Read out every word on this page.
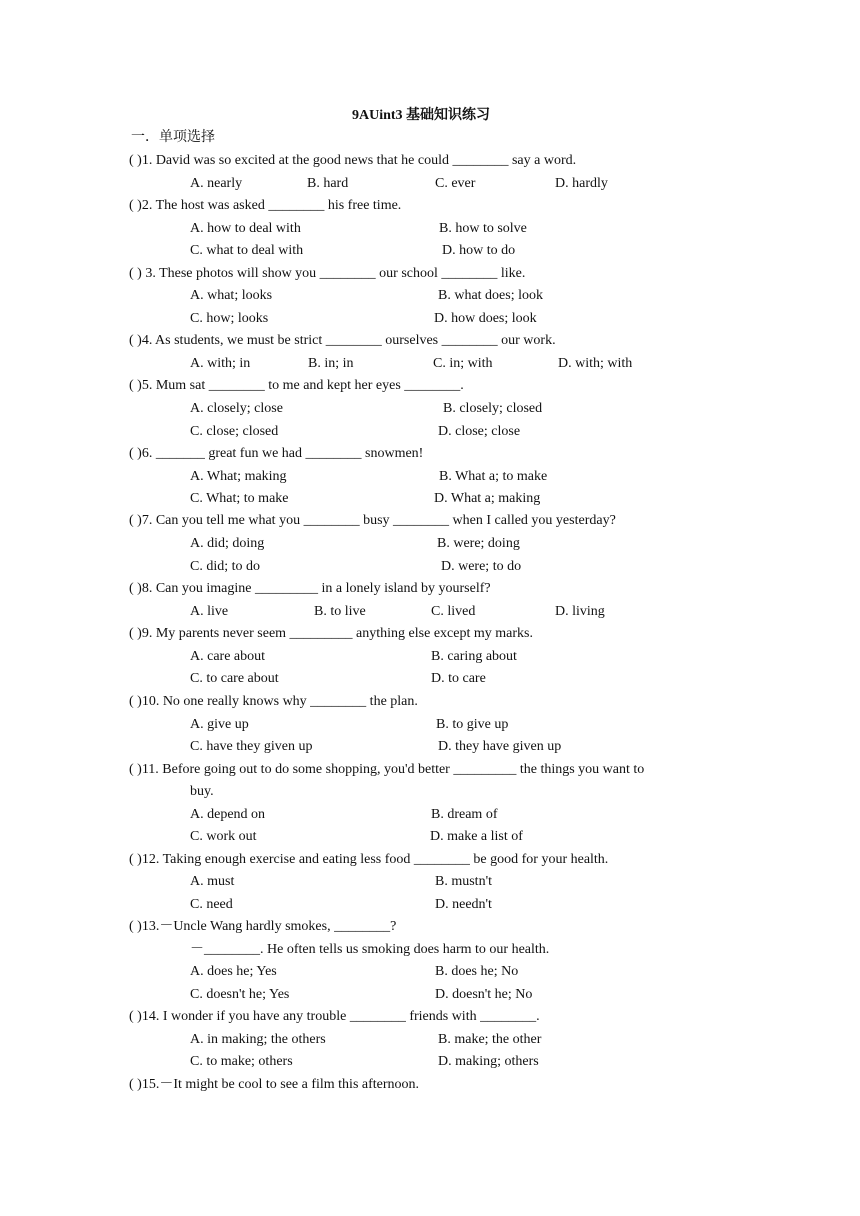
9AUint3 基础知识练习
一．单项选择
( )1. David was so excited at the good news that he could ________ say a word.
A. nearly	B. hard	C. ever	D. hardly
( )2. The host was asked ________ his free time.
A. how to deal with	B. how to solve
C. what to deal with	D. how to do
( ) 3. These photos will show you ________ our school ________ like.
A. what; looks	B. what does; look
C. how; looks	D. how does; look
( )4. As students, we must be strict ________ ourselves ________ our work.
A. with; in	B. in; in	C. in; with	D. with; with
( )5. Mum sat ________ to me and kept her eyes ________.
A. closely; close	B. closely; closed
C. close; closed	D. close; close
( )6. _______ great fun we had ________ snowmen!
A. What; making	B. What a; to make
C. What; to make	D. What a; making
( )7. Can you tell me what you ________ busy ________ when I called you yesterday?
A. did; doing	B. were; doing
C. did; to do	D. were; to do
( )8. Can you imagine _________ in a lonely island by yourself?
A. live	B. to live	C. lived	D. living
( )9. My parents never seem _________ anything else except my marks.
A. care about	B. caring about
C. to care about	D. to care
( )10. No one really knows why ________ the plan.
A. give up	B. to give up
C. have they given up	D. they have given up
( )11. Before going out to do some shopping, you'd better _________ the things you want to
buy.
A. depend on	B. dream of
C. work out	D. make a list of
( )12. Taking enough exercise and eating less food ________ be good for your health.
A. must	B. mustn't
C. need	D. needn't
( )13.－Uncle Wang hardly smokes, ________?
－________. He often tells us smoking does harm to our health.
A. does he; Yes	B. does he; No
C. doesn't he; Yes	D. doesn't he; No
( )14. I wonder if you have any trouble ________ friends with ________.
A. in making; the others	B. make; the other
C. to make; others	D. making; others
( )15.－It might be cool to see a film this afternoon.
